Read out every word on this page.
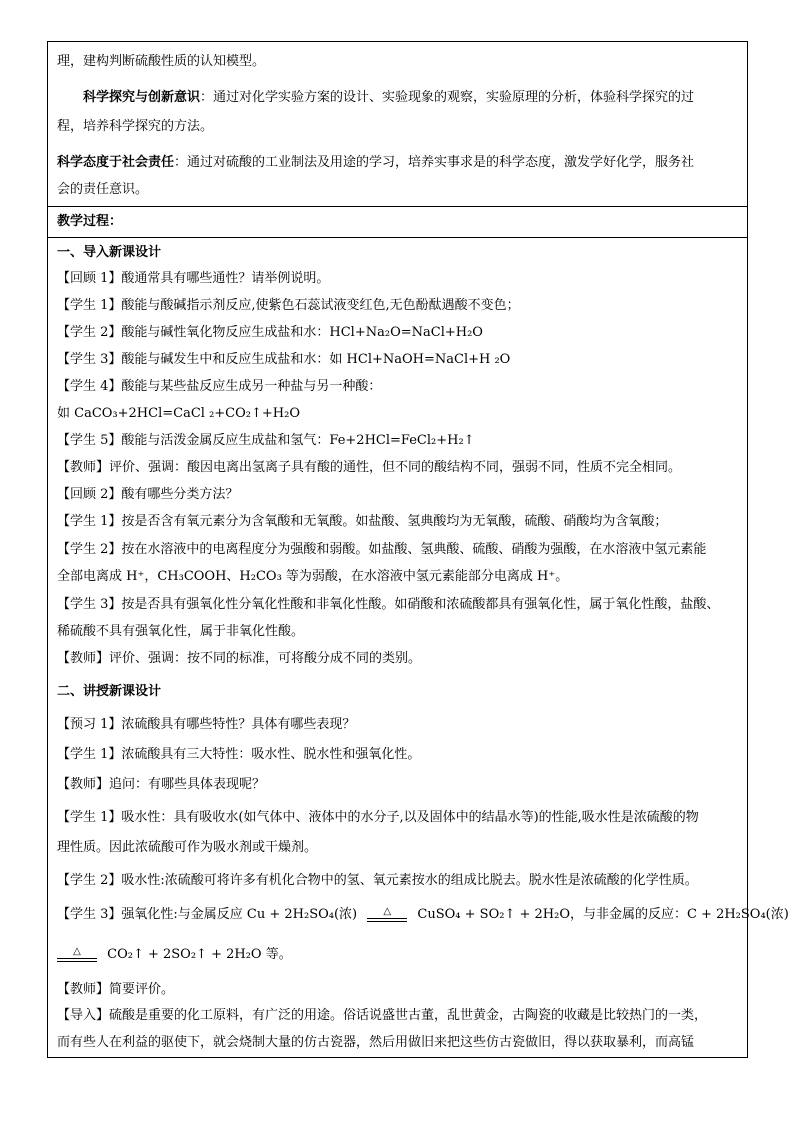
理，建构判断硫酸性质的认知模型。
科学探究与创新意识：通过对化学实验方案的设计、实验现象的观察，实验原理的分析，体验科学探究的过
程，培养科学探究的方法。
科学态度于社会责任：通过对硫酸的工业制法及用途的学习，培养实事求是的科学态度，激发学好化学，服务社
会的责任意识。
教学过程：
一、导入新课设计
【回顾 1】酸通常具有哪些通性？请举例说明。
【学生 1】酸能与酸碱指示剂反应,使紫色石蕊试液变红色,无色酚酞遇酸不变色；
【学生 2】酸能与碱性氧化物反应生成盐和水：HCl+Na₂O=NaCl+H₂O
【学生 3】酸能与碱发生中和反应生成盐和水：如 HCl+NaOH=NaCl+H ₂O
【学生 4】酸能与某些盐反应生成另一种盐与另一种酸：
如 CaCO₃+2HCl=CaCl ₂+CO₂↑+H₂O
【学生 5】酸能与活泼金属反应生成盐和氢气：Fe+2HCl=FeCl₂+H₂↑
【教师】评价、强调：酸因电离出氢离子具有酸的通性，但不同的酸结构不同，强弱不同，性质不完全相同。
【回顾 2】酸有哪些分类方法？
【学生 1】按是否含有氧元素分为含氧酸和无氧酸。如盐酸、氢典酸均为无氧酸，硫酸、硝酸均为含氧酸；
【学生 2】按在水溶液中的电离程度分为强酸和弱酸。如盐酸、氢典酸、硫酸、硝酸为强酸，在水溶液中氢元素能
全部电离成 H⁺，CH₃COOH、H₂CO₃ 等为弱酸，在水溶液中氢元素能部分电离成 H⁺。
【学生 3】按是否具有强氧化性分氧化性酸和非氧化性酸。如硝酸和浓硫酸都具有强氧化性，属于氧化性酸，盐酸、
稀硫酸不具有强氧化性，属于非氧化性酸。
【教师】评价、强调：按不同的标准，可将酸分成不同的类别。
二、讲授新课设计
【预习 1】浓硫酸具有哪些特性？具体有哪些表现？
【学生 1】浓硫酸具有三大特性：吸水性、脱水性和强氧化性。
【教师】追问：有哪些具体表现呢？
【学生 1】吸水性：具有吸收水(如气体中、液体中的水分子,以及固体中的结晶水等)的性能,吸水性是浓硫酸的物
理性质。因此浓硫酸可作为吸水剂或干燥剂。
【学生 2】吸水性:浓硫酸可将许多有机化合物中的氢、氧元素按水的组成比脱去。脱水性是浓硫酸的化学性质。
【学生 3】强氧化性:与金属反应 Cu + 2H₂SO₄(浓)	△	CuSO₄ + SO₂↑ + 2H₂O，与非金属的反应：C + 2H₂SO₄(浓)
△	CO₂↑ + 2SO₂↑ + 2H₂O 等。
【教师】简要评价。
【导入】硫酸是重要的化工原料，有广泛的用途。俗话说盛世古董，乱世黄金，古陶瓷的收藏是比较热门的一类，
而有些人在利益的驱使下，就会烧制大量的仿古瓷器，然后用做旧来把这些仿古瓷做旧，得以获取暴利，而高锰
